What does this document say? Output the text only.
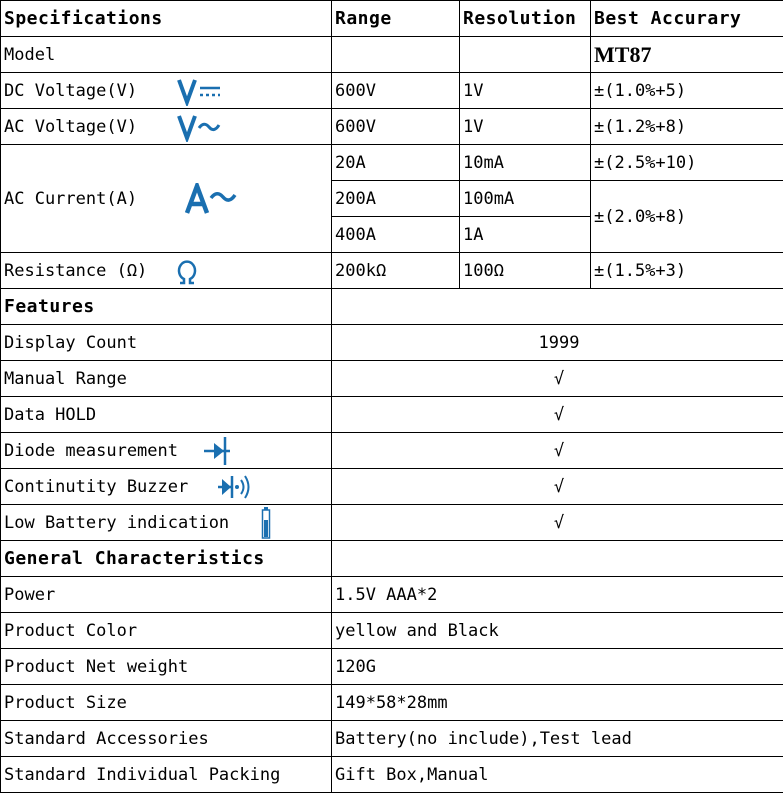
Specifications	Range	Resolution	Best Accurary
Model			MT87
DC Voltage(V)	600V	1V	±(1.0%+5)
AC Voltage(V)	600V	1V	±(1.2%+8)
AC Current(A)	20A	10mA	±(2.5%+10)
	200A	100mA	±(2.0%+8)
	400A	1A	
Resistance (Ω)	200kΩ	100Ω	±(1.5%+3)
Features			
Display Count	1999		
Manual Range	√		
Data HOLD	√		
Diode measurement	√		
Continutity Buzzer	√		
Low Battery indication	√		
General Characteristics			
Power	1.5V AAA*2		
Product Color	yellow and Black		
Product Net weight	120G		
Product Size	149*58*28mm		
Standard Accessories	Battery(no include),Test lead		
Standard Individual Packing	Gift Box,Manual		
